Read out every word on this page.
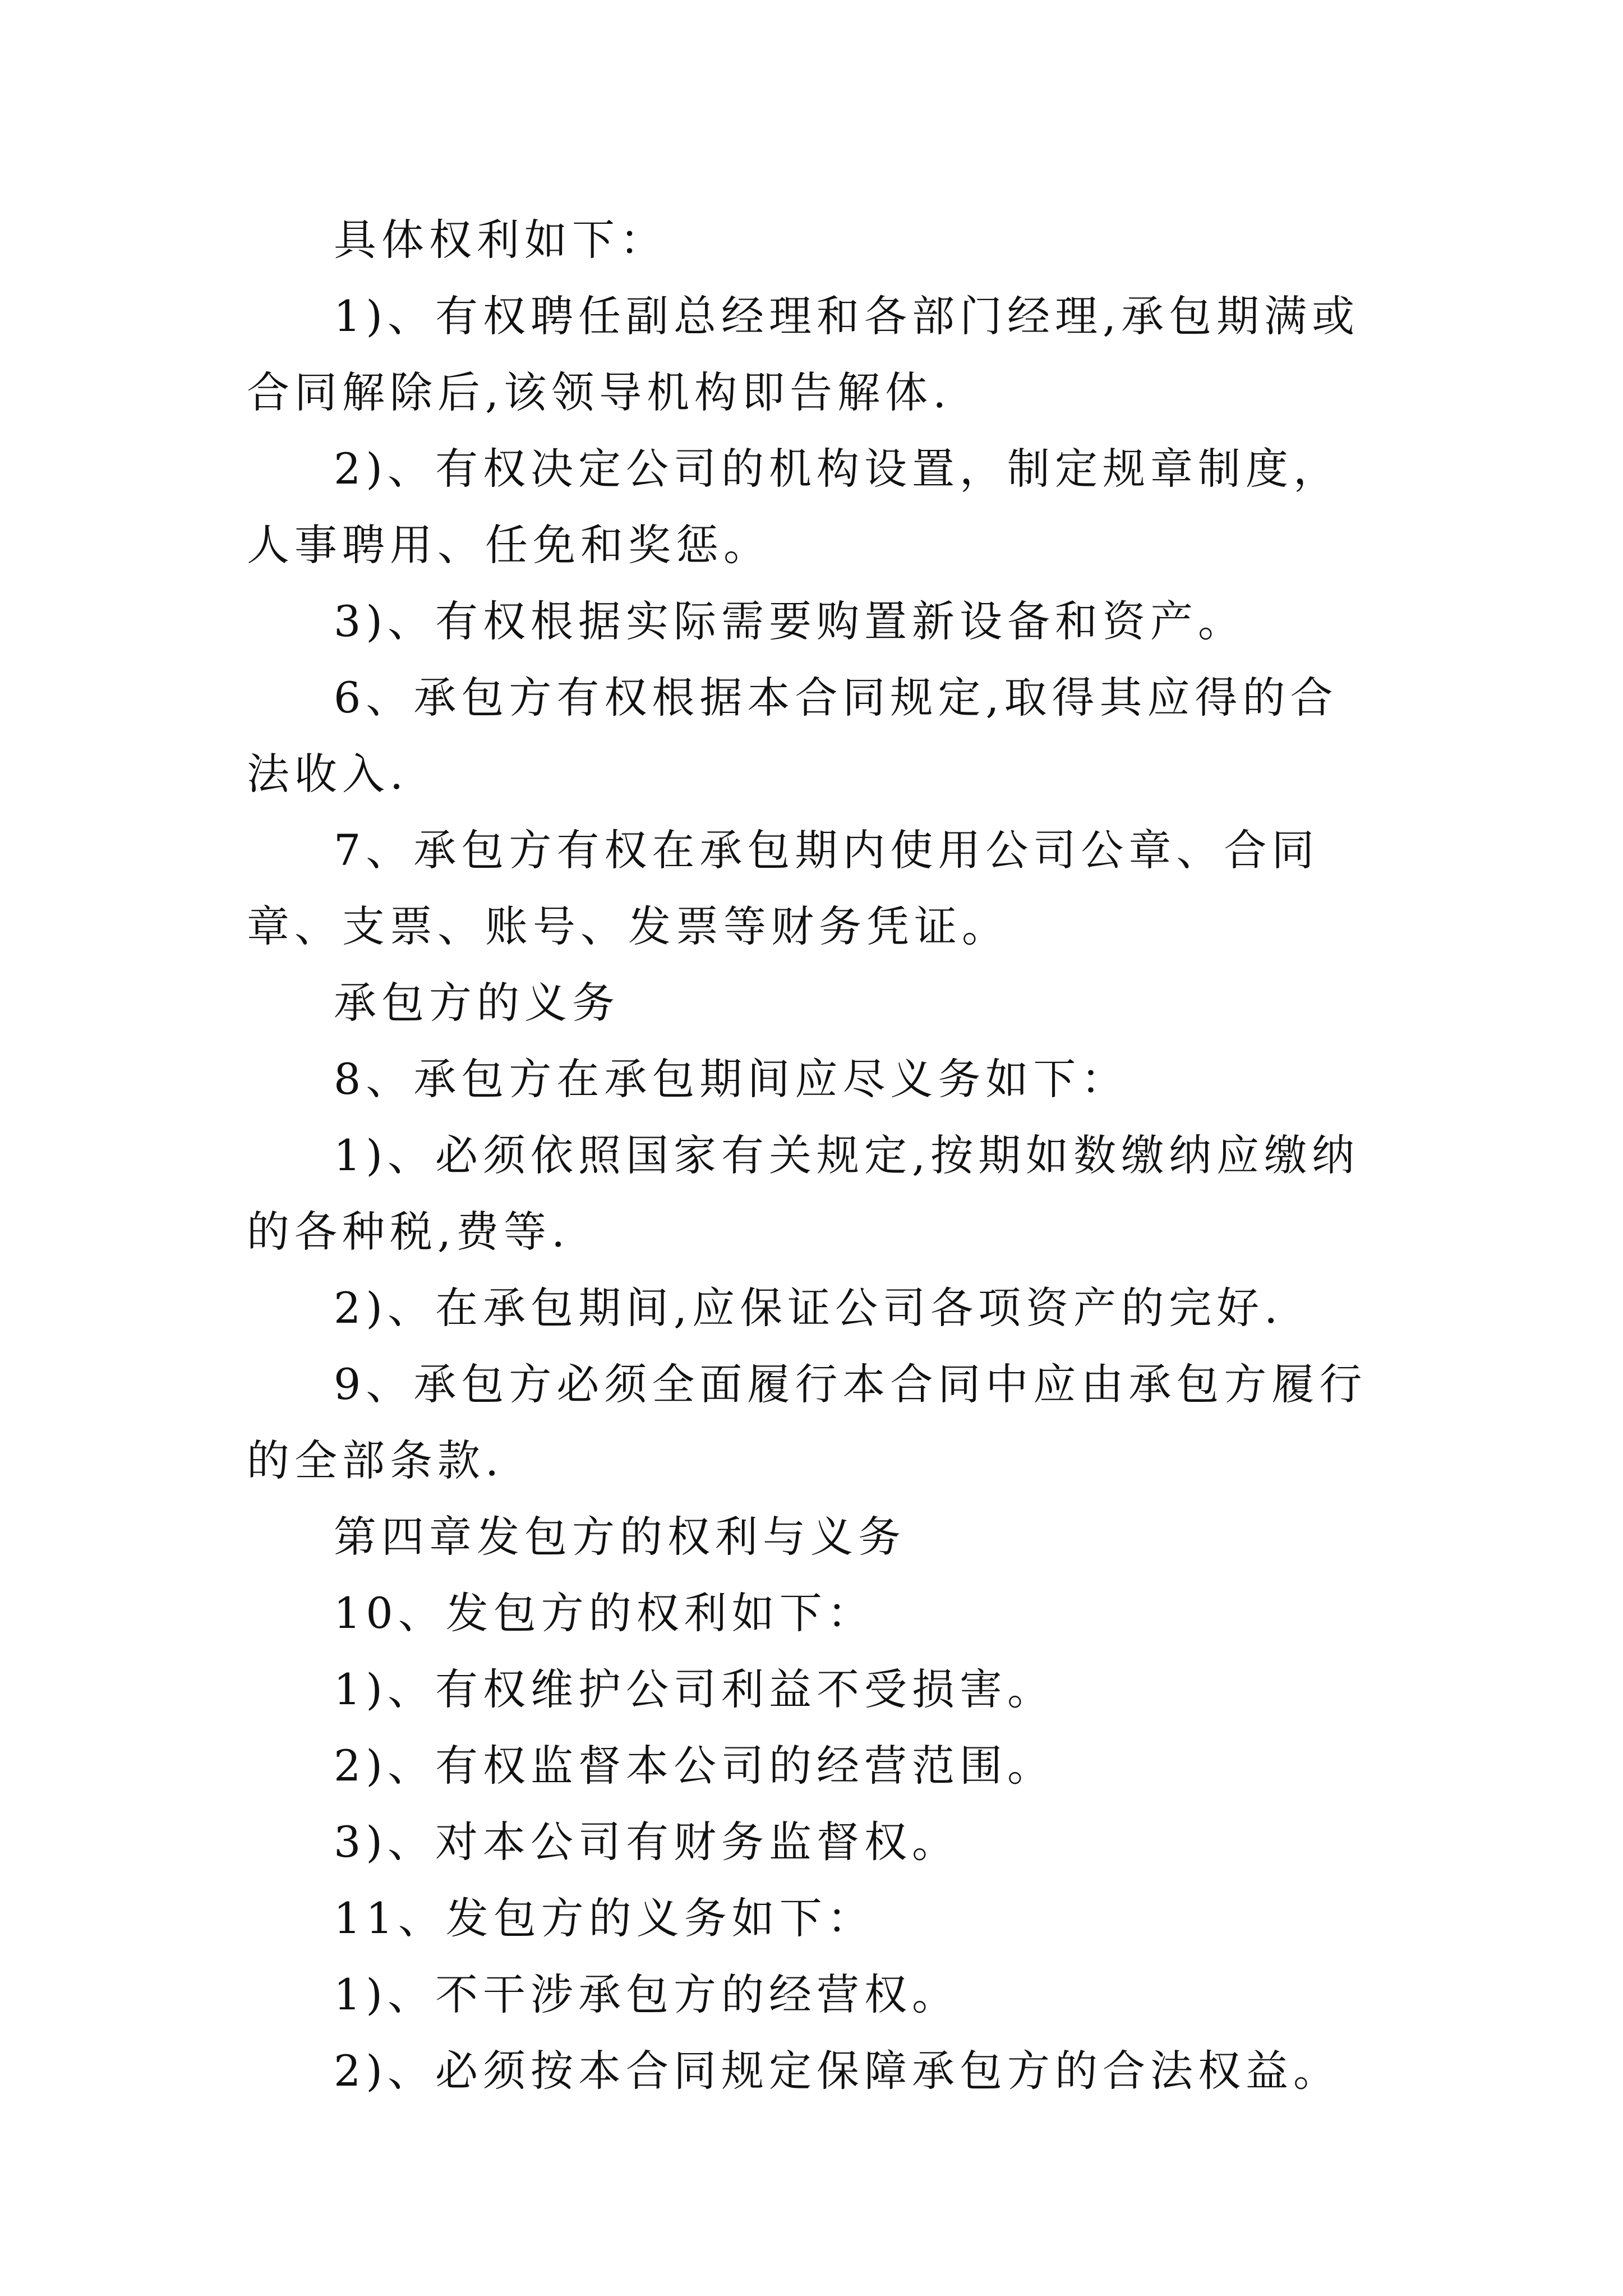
具体权利如下：

1)、有权聘任副总经理和各部门经理,承包期满或合同解除后,该领导机构即告解体.

2)、有权决定公司的机构设置，制定规章制度，人事聘用、任免和奖惩。

3)、有权根据实际需要购置新设备和资产。

6、承包方有权根据本合同规定,取得其应得的合法收入.

7、承包方有权在承包期内使用公司公章、合同章、支票、账号、发票等财务凭证。

承包方的义务

8、承包方在承包期间应尽义务如下：

1)、必须依照国家有关规定,按期如数缴纳应缴纳的各种税,费等.

2)、在承包期间,应保证公司各项资产的完好.

9、承包方必须全面履行本合同中应由承包方履行的全部条款.

第四章发包方的权利与义务

10、发包方的权利如下：

1)、有权维护公司利益不受损害。

2)、有权监督本公司的经营范围。

3)、对本公司有财务监督权。

11、发包方的义务如下：

1)、不干涉承包方的经营权。

2)、必须按本合同规定保障承包方的合法权益。
